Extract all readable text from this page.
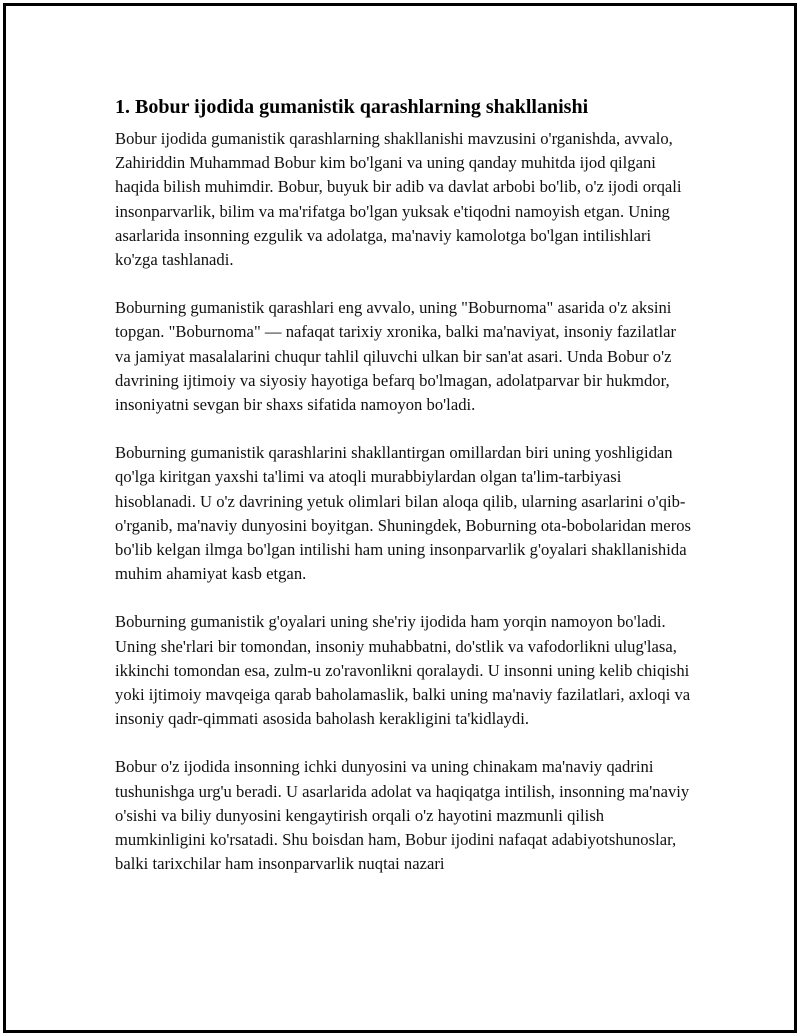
1. Bobur ijodida gumanistik qarashlarning shakllanishi

Bobur ijodida gumanistik qarashlarning shakllanishi mavzusini o'rganishda, avvalo, Zahiriddin Muhammad Bobur kim bo'lgani va uning qanday muhitda ijod qilgani haqida bilish muhimdir. Bobur, buyuk bir adib va davlat arbobi bo'lib, o'z ijodi orqali insonparvarlik, bilim va ma'rifatga bo'lgan yuksak e'tiqodni namoyish etgan. Uning asarlarida insonning ezgulik va adolatga, ma'naviy kamolotga bo'lgan intilishlari ko'zga tashlanadi.

Boburning gumanistik qarashlari eng avvalo, uning "Boburnoma" asarida o'z aksini topgan. "Boburnoma" — nafaqat tarixiy xronika, balki ma'naviyat, insoniy fazilatlar va jamiyat masalalarini chuqur tahlil qiluvchi ulkan bir san'at asari. Unda Bobur o'z davrining ijtimoiy va siyosiy hayotiga befarq bo'lmagan, adolatparvar bir hukmdor, insoniyatni sevgan bir shaxs sifatida namoyon bo'ladi.

Boburning gumanistik qarashlarini shakllantirgan omillardan biri uning yoshligidan qo'lga kiritgan yaxshi ta'limi va atoqli murabbiylardan olgan ta'lim-tarbiyasi hisoblanadi. U o'z davrining yetuk olimlari bilan aloqa qilib, ularning asarlarini o'qib-o'rganib, ma'naviy dunyosini boyitgan. Shuningdek, Boburning ota-bobolaridan meros bo'lib kelgan ilmga bo'lgan intilishi ham uning insonparvarlik g'oyalari shakllanishida muhim ahamiyat kasb etgan.

Boburning gumanistik g'oyalari uning she'riy ijodida ham yorqin namoyon bo'ladi. Uning she'rlari bir tomondan, insoniy muhabbatni, do'stlik va vafodorlikni ulug'lasa, ikkinchi tomondan esa, zulm-u zo'ravonlikni qoralaydi. U insonni uning kelib chiqishi yoki ijtimoiy mavqeiga qarab baholamaslik, balki uning ma'naviy fazilatlari, axloqi va insoniy qadr-qimmati asosida baholash kerakligini ta'kidlaydi.

Bobur o'z ijodida insonning ichki dunyosini va uning chinakam ma'naviy qadrini tushunishga urg'u beradi. U asarlarida adolat va haqiqatga intilish, insonning ma'naviy o'sishi va biliy dunyosini kengaytirish orqali o'z hayotini mazmunli qilish mumkinligini ko'rsatadi. Shu boisdan ham, Bobur ijodini nafaqat adabiyotshunoslar, balki tarixchilar ham insonparvarlik nuqtai nazari
